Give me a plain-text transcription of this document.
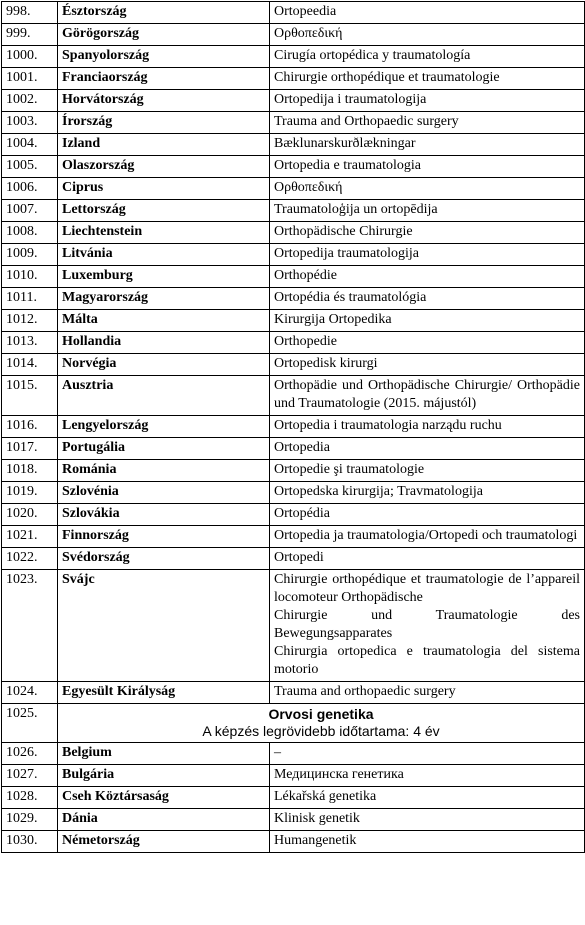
998.	Észtország	Ortopeedia

999.	Görögország	Ορθοπεδική

1000.	Spanyolország	Cirugía ortopédica y traumatología

1001.	Franciaország	Chirurgie orthopédique et traumatologie

1002.	Horvátország	Ortopedija i traumatologija

1003.	Írország	Trauma and Orthopaedic surgery

1004.	Izland	Bæklunarskurðlækningar

1005.	Olaszország	Ortopedia e traumatologia

1006.	Ciprus	Ορθοπεδική

1007.	Lettország	Traumatoloģija un ortopēdija

1008.	Liechtenstein	Orthopädische Chirurgie

1009.	Litvánia	Ortopedija traumatologija

1010.	Luxemburg	Orthopédie

1011.	Magyarország	Ortopédia és traumatológia

1012.	Málta	Kirurgija Ortopedika

1013.	Hollandia	Orthopedie

1014.	Norvégia	Ortopedisk kirurgi

1015.	Ausztria	Orthopädie und Orthopädische Chirurgie/ Orthopädie und Traumatologie (2015. májustól)

1016.	Lengyelország	Ortopedia i traumatologia narządu ruchu

1017.	Portugália	Ortopedia

1018.	Románia	Ortopedie şi traumatologie

1019.	Szlovénia	Ortopedska kirurgija; Travmatologija

1020.	Szlovákia	Ortopédia

1021.	Finnország	Ortopedia ja traumatologia/Ortopedi och traumatologi

1022.	Svédország	Ortopedi

1023.	Svájc	Chirurgie orthopédique et traumatologie de l’appareil locomoteur Orthopädische

Chirurgie und Traumatologie des Bewegungsapparates

Chirurgia ortopedica e traumatologia del sistema motorio

1024.	Egyesült Királyság	Trauma and orthopaedic surgery

1025.	Orvosi genetika
A képzés legrövidebb időtartama: 4 év	

1026.	Belgium	–

1027.	Bulgária	Медицинска генетика

1028.	Cseh Köztársaság	Lékařská genetika

1029.	Dánia	Klinisk genetik

1030.	Németország	Humangenetik
